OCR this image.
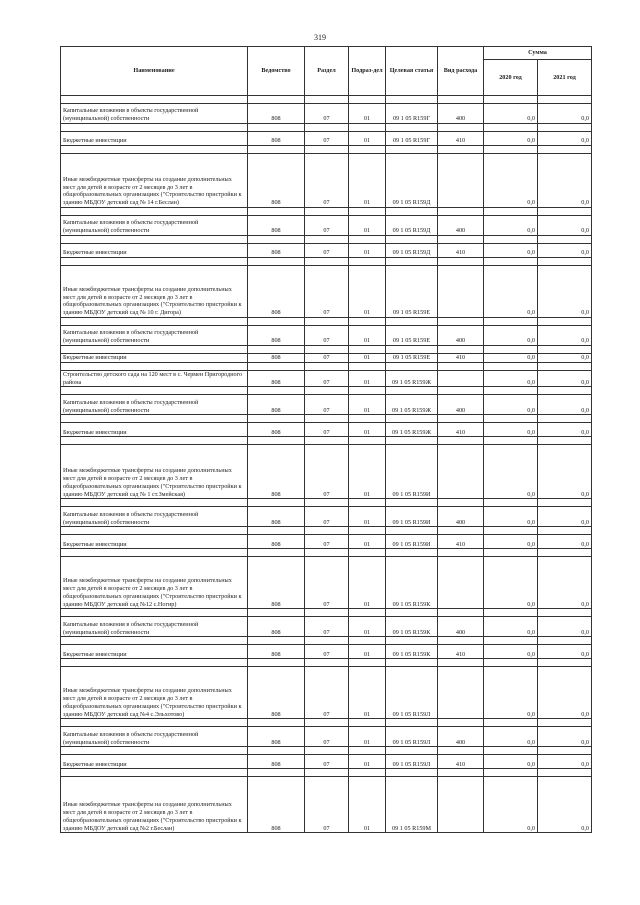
319
Наименование	Ведомство	Раздел	Подраз-дел	Целевая статья	Вид расхода	Сумма	
						2020 год	2021 год

Капитальные вложения в объекты государственной (муниципальной) собственности	808	07	01	09 1 05 R159Г	400	0,0	0,0

Бюджетные инвестиции	808	07	01	09 1 05 R159Г	410	0,0	0,0

Иные межбюджетные трансферты на создание дополнительных мест для детей в возрасте от 2 месяцев до 3 лет в общеобразовательных организациях ("Строительство пристройки к зданию МБДОУ детский сад № 14 г.Беслан)	808	07	01	09 1 05 R159Д		0,0	0,0

Капитальные вложения в объекты государственной (муниципальной) собственности	808	07	01	09 1 05 R159Д	400	0,0	0,0

Бюджетные инвестиции	808	07	01	09 1 05 R159Д	410	0,0	0,0

Иные межбюджетные трансферты на создание дополнительных мест для детей в возрасте от 2 месяцев до 3 лет в общеобразовательных организациях ("Строительство пристройки к зданию МБДОУ детский сад № 10 г. Дигора)	808	07	01	09 1 05 R159Е		0,0	0,0

Капитальные вложения в объекты государственной (муниципальной) собственности	808	07	01	09 1 05 R159Е	400	0,0	0,0

Бюджетные инвестиции	808	07	01	09 1 05 R159Е	410	0,0	0,0

Строительство детского сада на 120 мест в с. Чермен Пригородного района	808	07	01	09 1 05 R159Ж		0,0	0,0

Капитальные вложения в объекты государственной (муниципальной) собственности	808	07	01	09 1 05 R159Ж	400	0,0	0,0

Бюджетные инвестиции	808	07	01	09 1 05 R159Ж	410	0,0	0,0

Иные межбюджетные трансферты на создание дополнительных мест для детей в возрасте от 2 месяцев до 3 лет в общеобразовательных организациях ("Строительство пристройки к зданию МБДОУ детский сад № 1 ст.Змейская)	808	07	01	09 1 05 R159И		0,0	0,0

Капитальные вложения в объекты государственной (муниципальной) собственности	808	07	01	09 1 05 R159И	400	0,0	0,0

Бюджетные инвестиции	808	07	01	09 1 05 R159И	410	0,0	0,0

Иные межбюджетные трансферты на создание дополнительных мест для детей в возрасте от 2 месяцев до 3 лет в общеобразовательных организациях ("Строительство пристройки к зданию МБДОУ детский сад №12 с.Ногир)	808	07	01	09 1 05 R159К		0,0	0,0

Капитальные вложения в объекты государственной (муниципальной) собственности	808	07	01	09 1 05 R159К	400	0,0	0,0

Бюджетные инвестиции	808	07	01	09 1 05 R159К	410	0,0	0,0

Иные межбюджетные трансферты на создание дополнительных мест для детей в возрасте от 2 месяцев до 3 лет в общеобразовательных организациях ("Строительство пристройки к зданию МБДОУ детский сад №4 с.Эльхотово)	808	07	01	09 1 05 R159Л		0,0	0,0

Капитальные вложения в объекты государственной (муниципальной) собственности	808	07	01	09 1 05 R159Л	400	0,0	0,0

Бюджетные инвестиции	808	07	01	09 1 05 R159Л	410	0,0	0,0

Иные межбюджетные трансферты на создание дополнительных мест для детей в возрасте от 2 месяцев до 3 лет в общеобразовательных организациях ("Строительство пристройки к зданию МБДОУ детский сад №2 г.Беслан)	808	07	01	09 1 05 R159М		0,0	0,0
